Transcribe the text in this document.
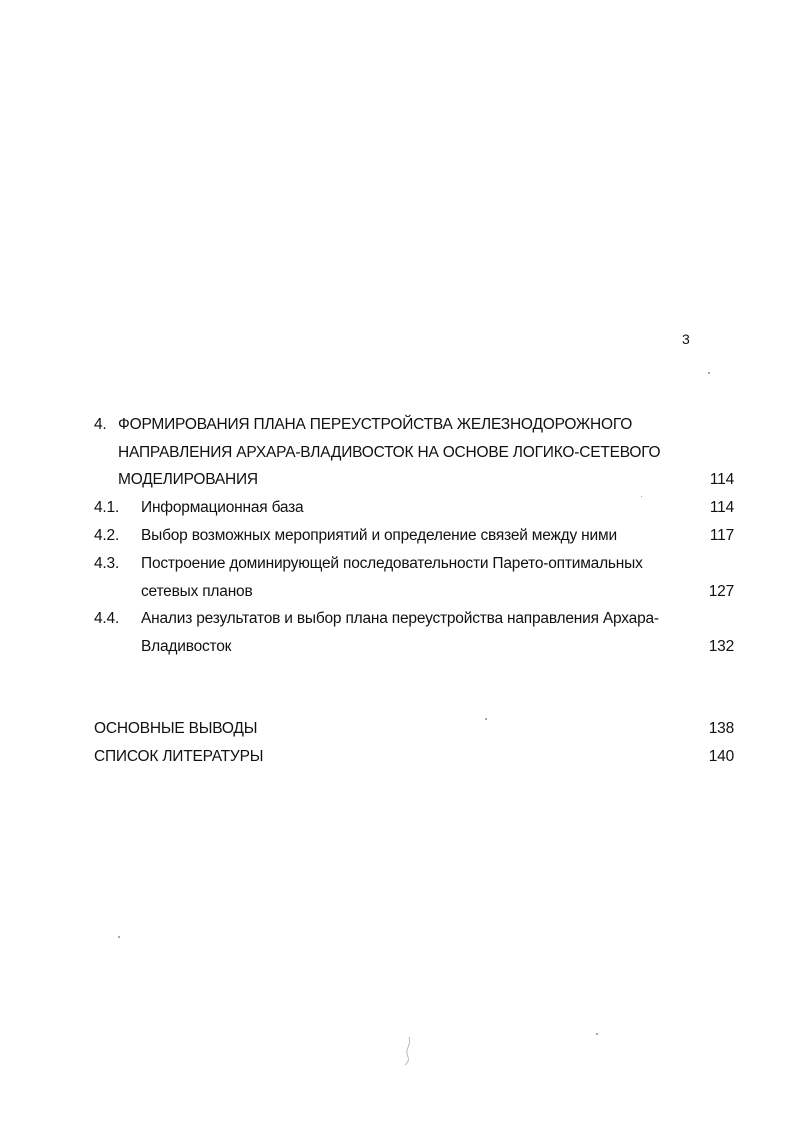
3
4. ФОРМИРОВАНИЯ ПЛАНА ПЕРЕУСТРОЙСТВА ЖЕЛЕЗНОДОРОЖНОГО
НАПРАВЛЕНИЯ АРХАРА-ВЛАДИВОСТОК НА ОСНОВЕ ЛОГИКО-СЕТЕВОГО
МОДЕЛИРОВАНИЯ	114
4.1. Информационная база	114
4.2. Выбор возможных мероприятий и определение связей между ними	117
4.3. Построение доминирующей последовательности Парето-оптимальных
сетевых планов	127
4.4. Анализ результатов и выбор плана переустройства направления Архара-
Владивосток	132
ОСНОВНЫЕ ВЫВОДЫ	138
СПИСОК ЛИТЕРАТУРЫ	140
